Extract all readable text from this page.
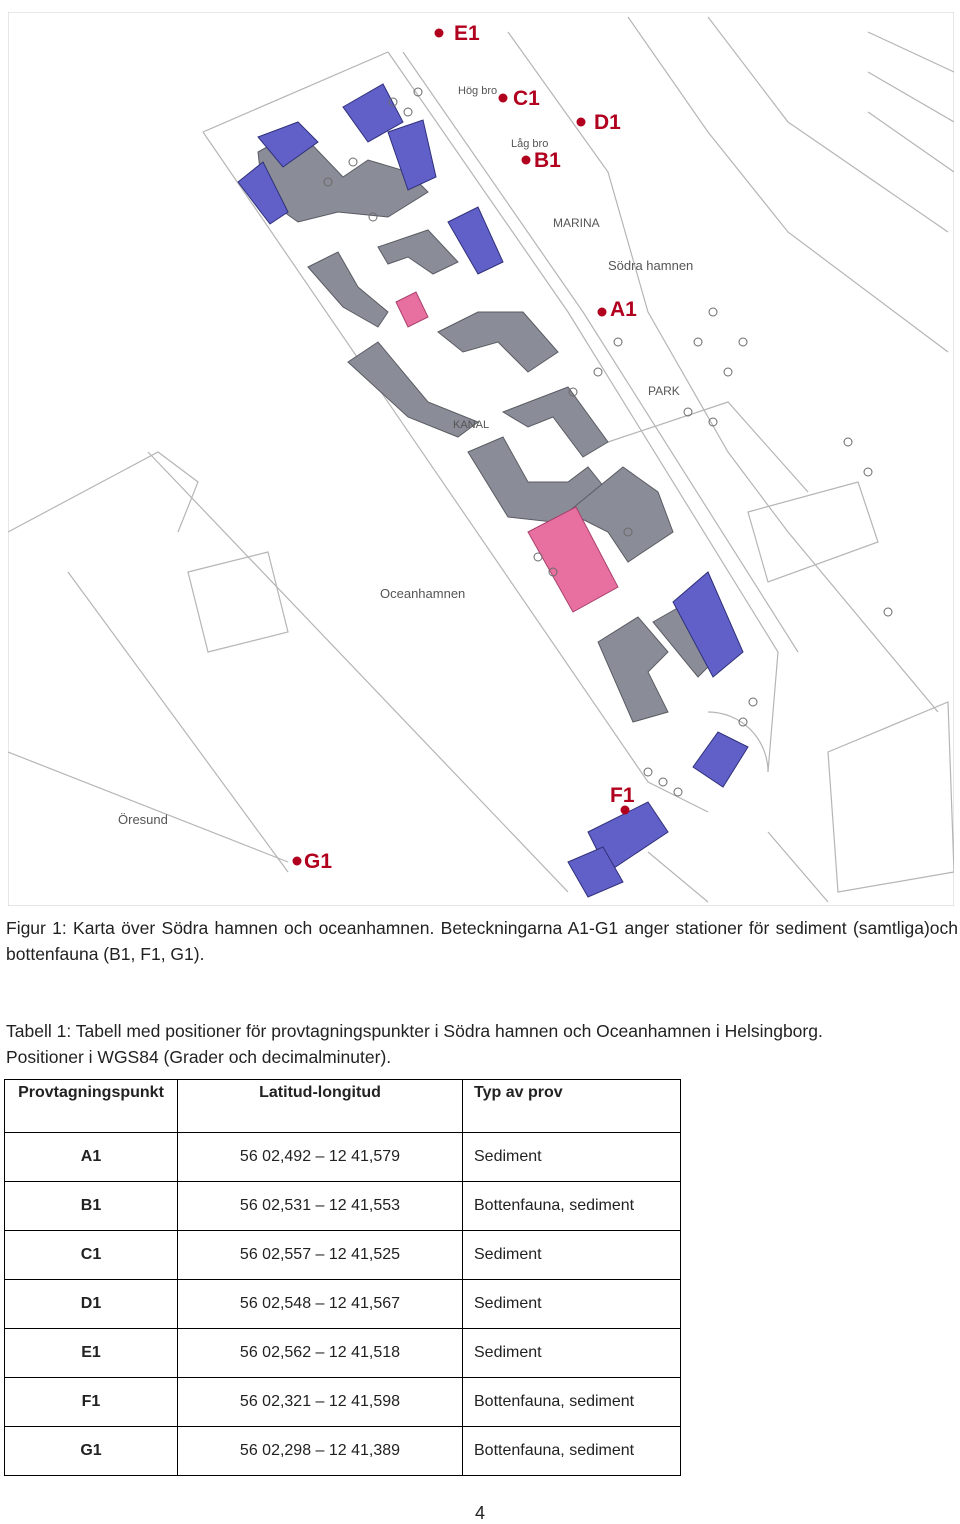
MARINA
Södra hamnen
PARK
KANAL
Oceanhamnen
Öresund
Hög bro
Låg bro
E1
C1
D1
B1
A1
F1
G1
Figur 1: Karta över Södra hamnen och oceanhamnen. Beteckningarna A1-G1 anger stationer för sediment (samtliga)och bottenfauna (B1, F1, G1).
Tabell 1: Tabell med positioner för provtagningspunkter i Södra hamnen och Oceanhamnen i Helsingborg.
Positioner i WGS84 (Grader och decimalminuter).
Provtagningspunkt	Latitud-longitud	Typ av prov
A1	56 02,492 – 12 41,579	Sediment
B1	56 02,531 – 12 41,553	Bottenfauna, sediment
C1	56 02,557 – 12 41,525	Sediment
D1	56 02,548 – 12 41,567	Sediment
E1	56 02,562 – 12 41,518	Sediment
F1	56 02,321 – 12 41,598	Bottenfauna, sediment
G1	56 02,298 – 12 41,389	Bottenfauna, sediment
4
